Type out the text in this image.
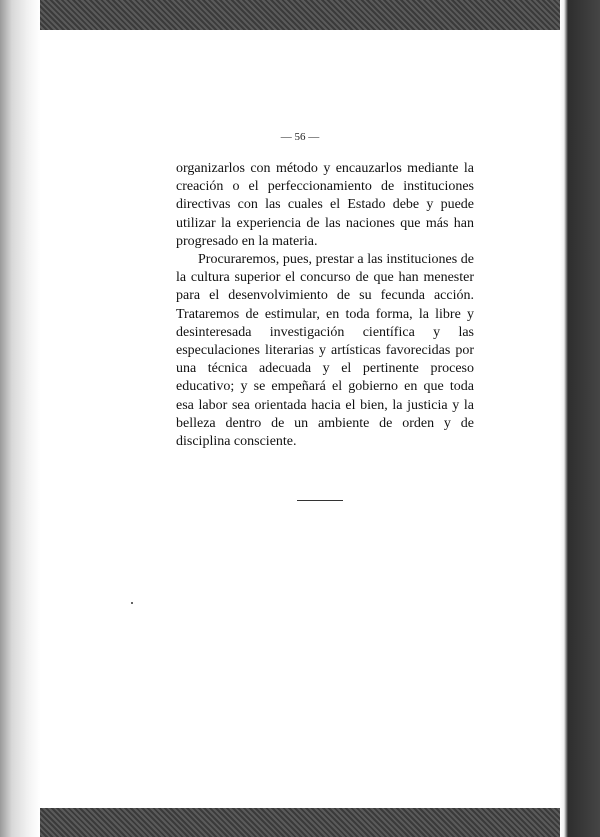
— 56 —

organizarlos con método y encauzarlos mediante la creación o el perfeccionamiento de instituciones directivas con las cuales el Estado debe y puede utilizar la experiencia de las naciones que más han progresado en la materia.

Procuraremos, pues, prestar a las instituciones de la cultura superior el concurso de que han menester para el desenvolvimiento de su fecunda acción. Trataremos de estimular, en toda forma, la libre y desinteresada investigación científica y las especulaciones literarias y artísticas favorecidas por una técnica adecuada y el pertinente proceso educativo; y se empeñará el gobierno en que toda esa labor sea orientada hacia el bien, la justicia y la belleza dentro de un ambiente de orden y de disciplina consciente.
